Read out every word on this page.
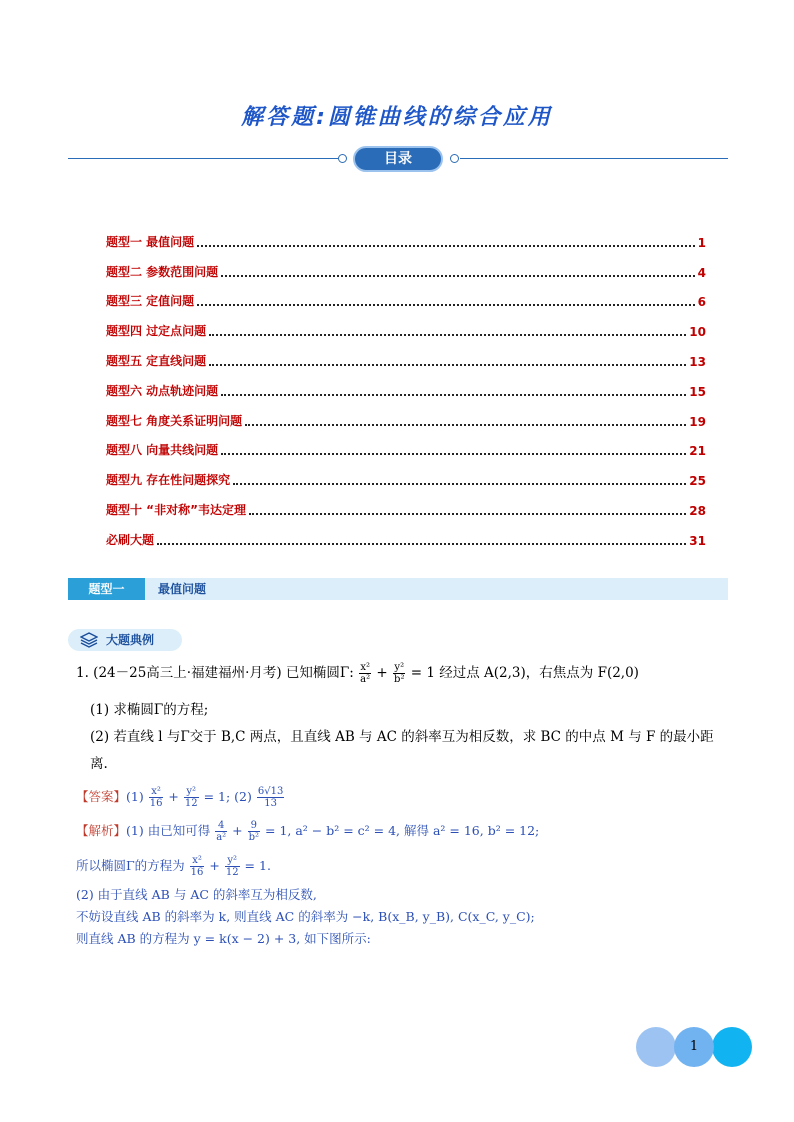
解答题:圆锥曲线的综合应用
目录
题型一 最值问题	1
题型二 参数范围问题	4
题型三 定值问题	6
题型四 过定点问题	10
题型五 定直线问题	13
题型六 动点轨迹问题	15
题型七 角度关系证明问题	19
题型八 向量共线问题	21
题型九 存在性问题探究	25
题型十 “非对称”韦达定理	28
必刷大题	31
题型一	最值问题
大题典例
1. (24－25高三上·福建福州·月考) 已知椭圆Γ: $\frac{\text{x²}}{\text{a²}} + \frac{\text{y²}}{\text{b²}} = 1$ 经过点 A(2,3)，右焦点为 F(2,0)
(1) 求椭圆Γ的方程;
(2) 若直线 l 与Γ交于 B,C 两点，且直线 AB 与 AC 的斜率互为相反数，求 BC 的中点 M 与 F 的最小距
离.
【答案】$(1) \frac{\text{x²}}{16} + \frac{\text{y²}}{12} = 1$; $(2) \frac{6√13}{13}$
【解析】(1) 由已知可得 $\frac{4}{\text{a²}} + \frac{9}{\text{b²}} = 1$, a² − b² = c² = 4, 解得 a² = 16, b² = 12;
所以椭圆Γ的方程为 $\frac{\text{x²}}{16} + \frac{\text{y²}}{12} = 1$.
(2) 由于直线 AB 与 AC 的斜率互为相反数,
不妨设直线 AB 的斜率为 k, 则直线 AC 的斜率为 −k, B(x_B, y_B), C(x_C, y_C);
则直线 AB 的方程为 y = k(x − 2) + 3, 如下图所示:
1
